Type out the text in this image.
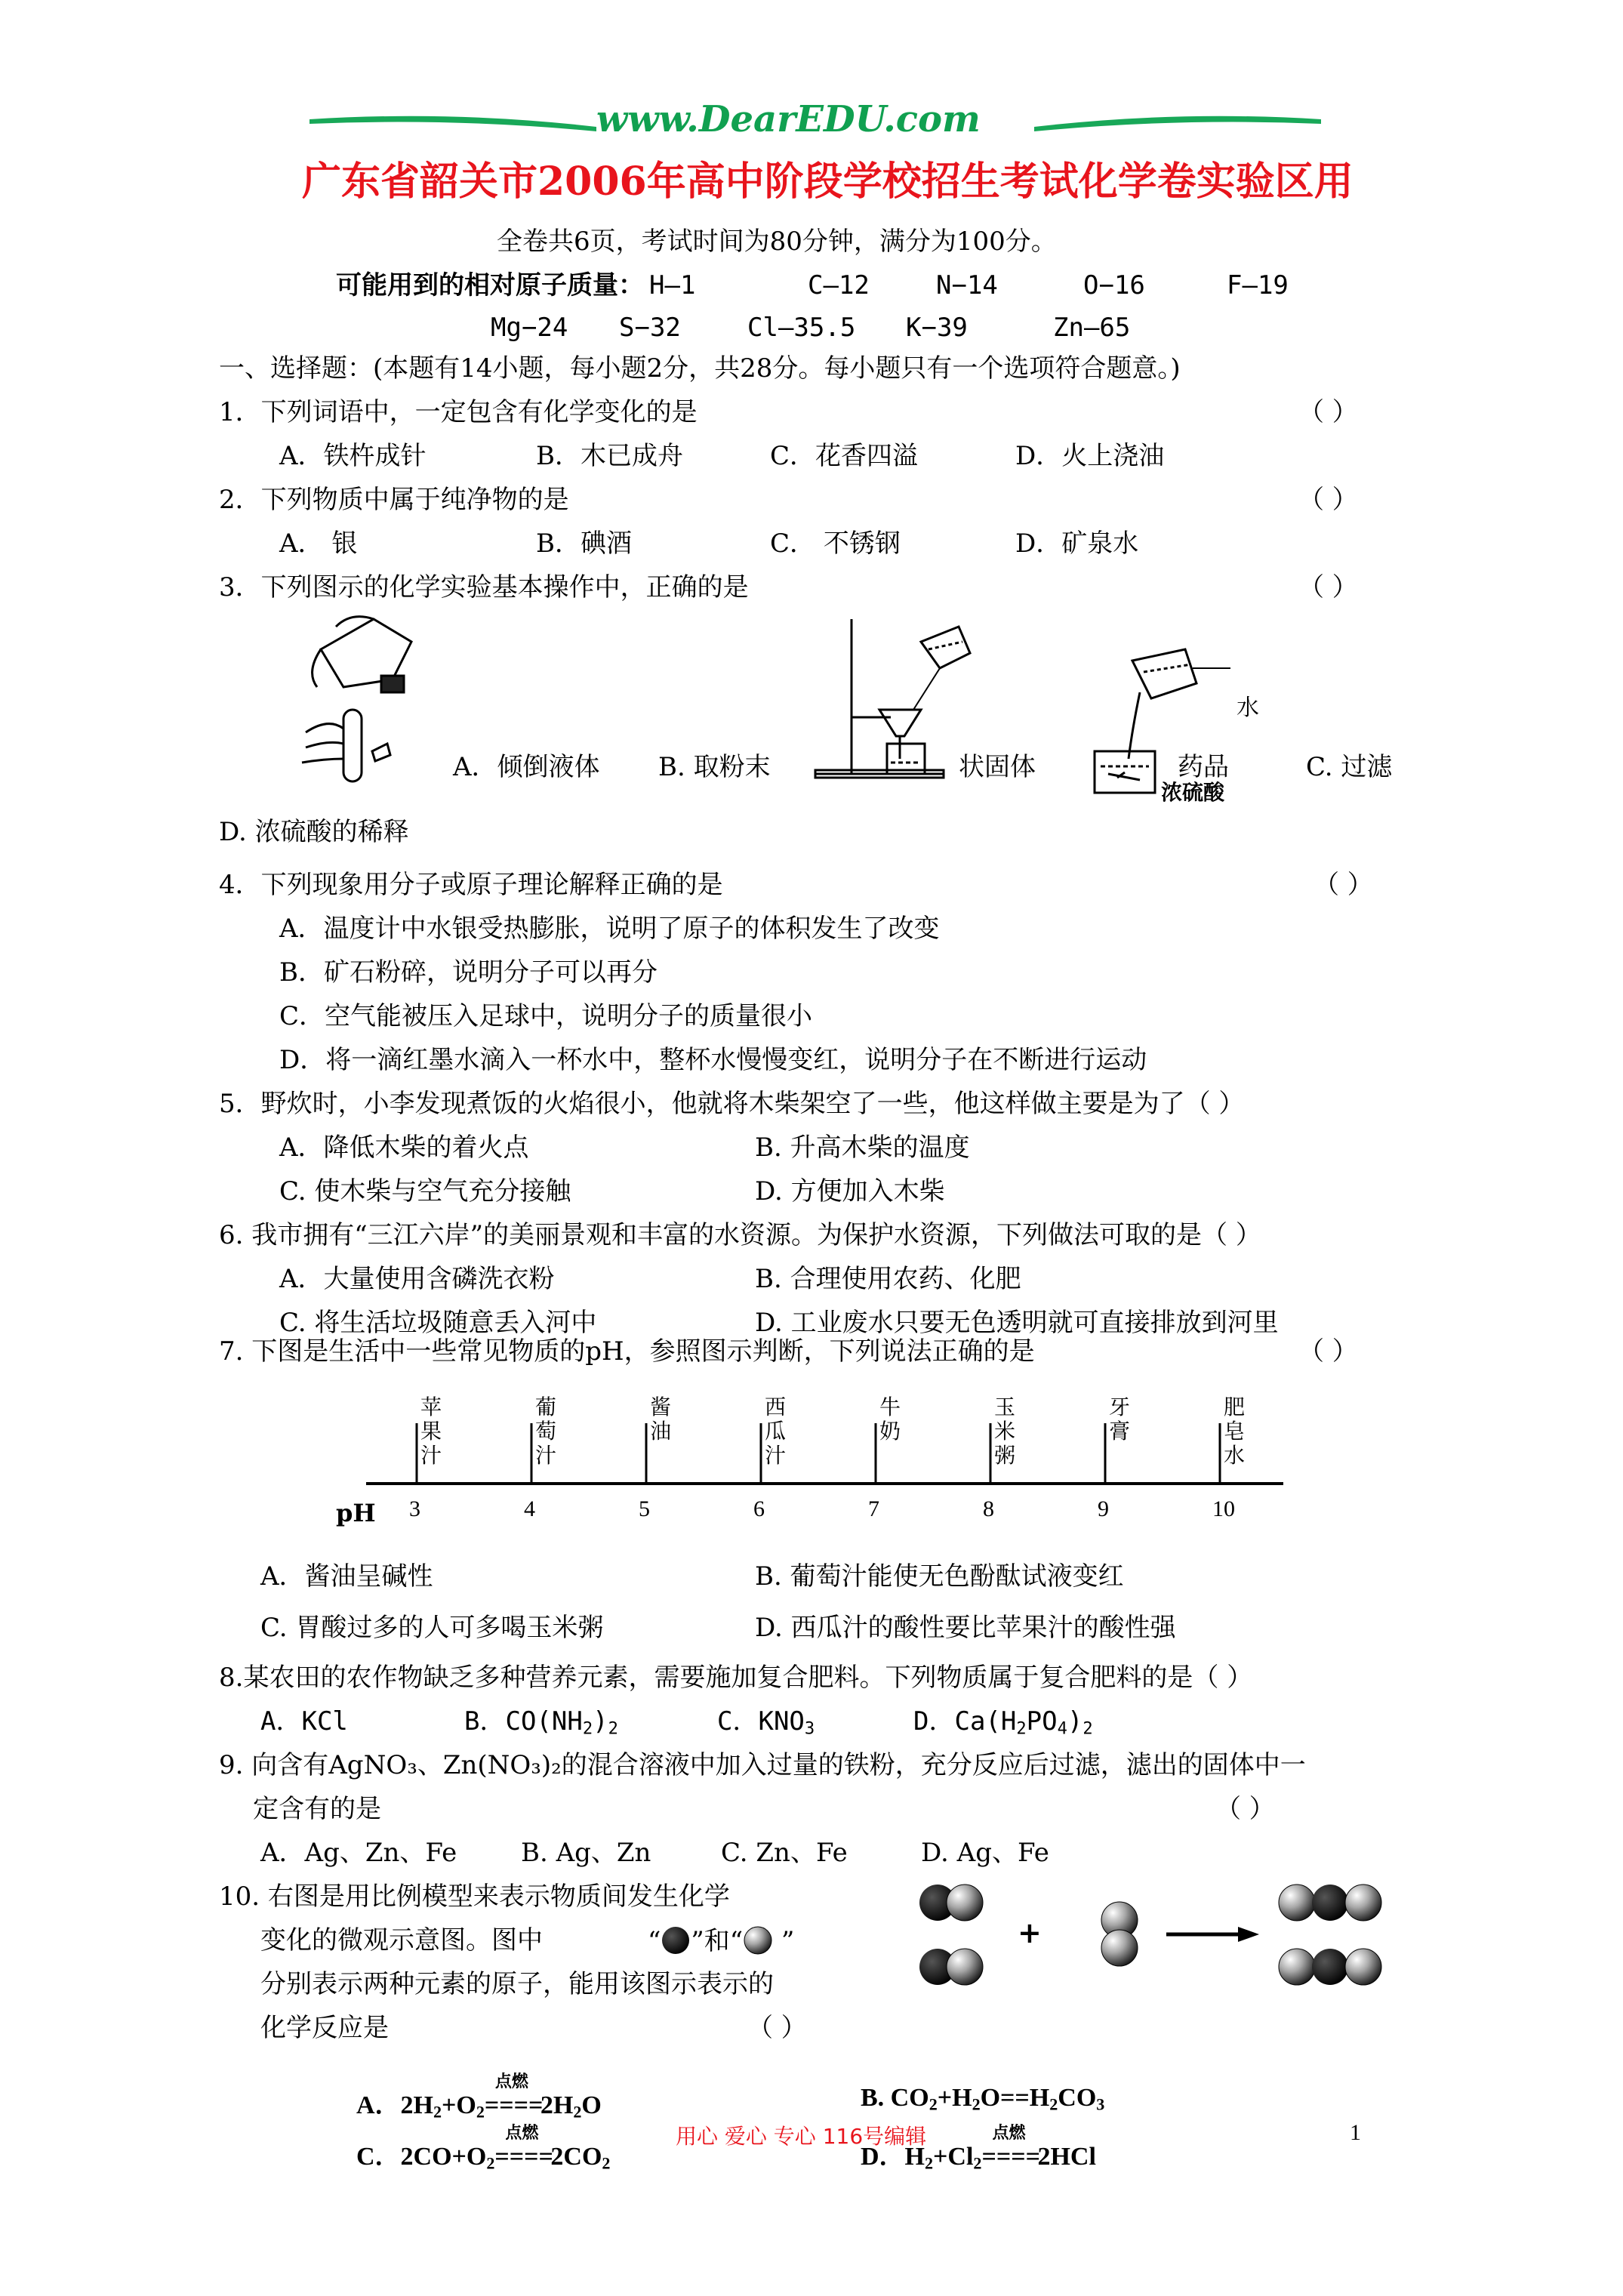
www.DearEDU.com
广东省韶关市2006年高中阶段学校招生考试化学卷实验区用
全卷共6页，考试时间为80分钟，满分为100分。
可能用到的相对原子质量： H—1	C—12	N−14	O−16	F—19
Mg−24 S−32	Cl—35.5 K−39	Zn—65
一、选择题：(本题有14小题，每小题2分，共28分。每小题只有一个选项符合题意。)
1．下列词语中，一定包含有化学变化的是	（ ）
A．铁杵成针	B．木已成舟	C．花香四溢	D．火上浇油
2．下列物质中属于纯净物的是	（ ）
A． 银	B．碘酒	C． 不锈钢	D．矿泉水
3．下列图示的化学实验基本操作中，正确的是	（ ）
A．倾倒液体 B. 取粉末	状固体
水
药品
浓硫酸
C. 过滤
D. 浓硫酸的稀释
4．下列现象用分子或原子理论解释正确的是	（ ）
A．温度计中水银受热膨胀，说明了原子的体积发生了改变
B．矿石粉碎，说明分子可以再分
C．空气能被压入足球中，说明分子的质量很小
D．将一滴红墨水滴入一杯水中，整杯水慢慢变红，说明分子在不断进行运动
5．野炊时，小李发现煮饭的火焰很小，他就将木柴架空了一些，他这样做主要是为了（ ）
A．降低木柴的着火点	B. 升高木柴的温度
C. 使木柴与空气充分接触	D. 方便加入木柴
6. 我市拥有“三江六岸”的美丽景观和丰富的水资源。为保护水资源，下列做法可取的是（ ）
A．大量使用含磷洗衣粉	B. 合理使用农药、化肥
C. 将生活垃圾随意丢入河中	D. 工业废水只要无色透明就可直接排放到河里
7. 下图是生活中一些常见物质的pH，参照图示判断，下列说法正确的是	（ ）
pH
苹果汁
3
葡萄汁
4
酱油
5
西瓜汁
6
牛奶
7
玉米粥
8
牙膏
9
肥皂水
10
A．酱油呈碱性	B. 葡萄汁能使无色酚酞试液变红
C. 胃酸过多的人可多喝玉米粥	D. 西瓜汁的酸性要比苹果汁的酸性强
8.某农田的农作物缺乏多种营养元素，需要施加复合肥料。下列物质属于复合肥料的是（ ）
A．KCl	B．$CO(NH_2)_2$	C．$KNO_3$	D．$Ca(H_2PO_4)_2$
9. 向含有AgNO₃、Zn(NO₃)₂的混合溶液中加入过量的铁粉，充分反应后过滤，滤出的固体中一
定含有的是	（ ）
A．Ag、Zn、Fe B. Ag、Zn	C. Zn、Fe	D. Ag、Fe
10. 右图是用比例模型来表示物质间发生化学
变化的微观示意图。图中	“ ”和“ ”
分别表示两种元素的原子，能用该图示表示的
化学反应是	（ ）
+
A．$2H_2+O_2$
点燃
$====2H_2O$	B. $CO_2+H_2O==H_2CO_3$
C．$2CO+O_2$
点燃
$====2CO_2$	D．$H_2+Cl_2$
点燃
====2HCl
用心 爱心 专心 116号编辑	1
